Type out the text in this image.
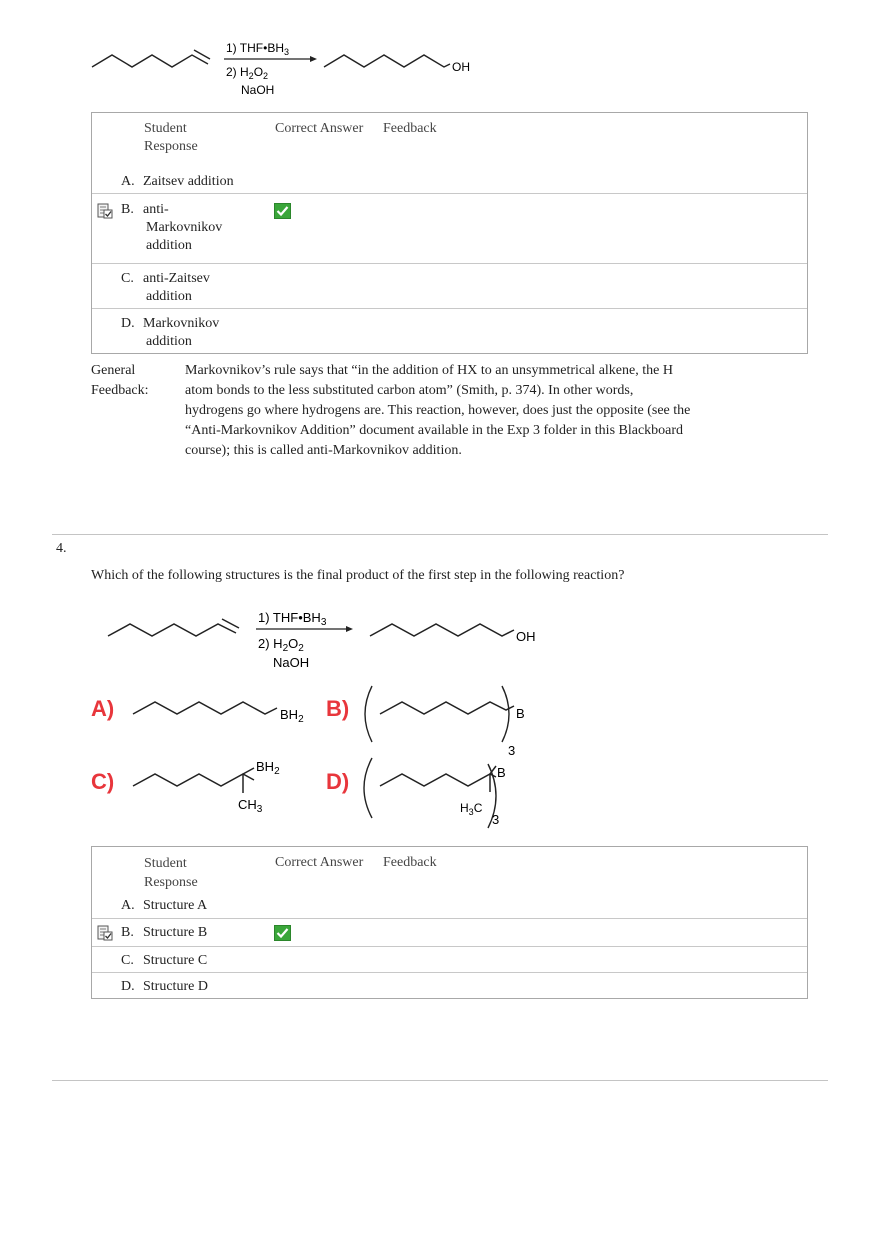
1) $THF•BH_3$
2) $H_2O_2$
NaOH
OH
Student
Response
Correct Answer Feedback
A. Zaitsev addition
B. anti-
Markovnikov
addition
C. anti-Zaitsev
addition
D. Markovnikov
addition
General
Feedback:
Markovnikov’s rule says that “in the addition of HX to an unsymmetrical alkene, the H atom bonds to the less substituted carbon atom” (Smith, p. 374). In other words, hydrogens go where hydrogens are. This reaction, however, does just the opposite (see the “Anti-Markovnikov Addition” document available in the Exp 3 folder in this Blackboard course); this is called anti-Markovnikov addition.
4.
Which of the following structures is the final product of the first step in the following reaction?
1) $THF•BH_3$
2) $H_2O_2$
NaOH
OH
A)	$BH_2$ B)	B
3
C)
$BH_2$
$CH_3$
D)	B
$H_3C$
3
Student
Response
Correct Answer Feedback
A. Structure A
B. Structure B
C. Structure C
D. Structure D
